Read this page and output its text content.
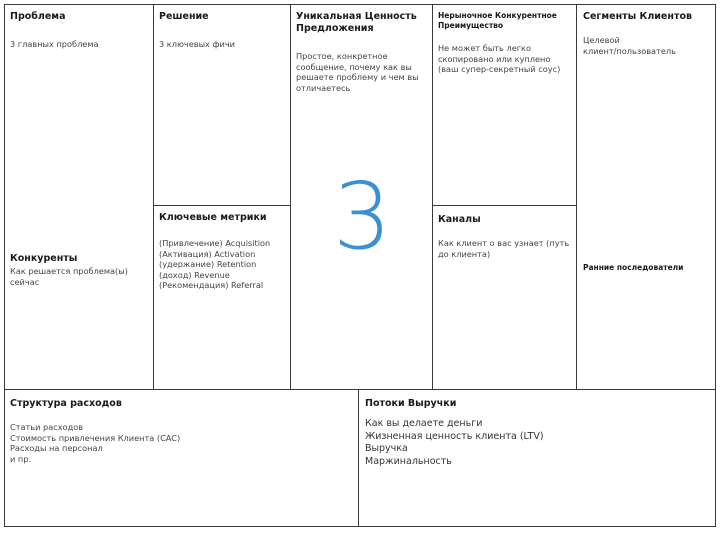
Проблема
3 главных проблема
Конкуренты
Как решается проблема(ы)
сейчас
Решение
3 ключевых фичи
Ключевые метрики
(Привлечение) Acquisition
(Активация) Activation
(удержание) Retention
(доход) Revenue
(Рекомендация) Referral
Уникальная Ценность
Предложения
Простое, конкретное
сообщение, почему как вы
решаете проблему и чем вы
отличаетесь
3
Нерыночное Конкурентное
Преимущество
Не может быть легко
скопировано или куплено
(ваш супер-секретный соус)
Каналы
Как клиент о вас узнает (путь
до клиента)
Сегменты Клиентов
Целевой
клиент/пользователь
Ранние последователи
Структура расходов
Статьи расходов
Стоимость привлечения Клиента (CAC)
Расходы на персонал
и пр.
Потоки Выручки
Как вы делаете деньги
Жизненная ценность клиента (LTV)
Выручка
Маржинальность
